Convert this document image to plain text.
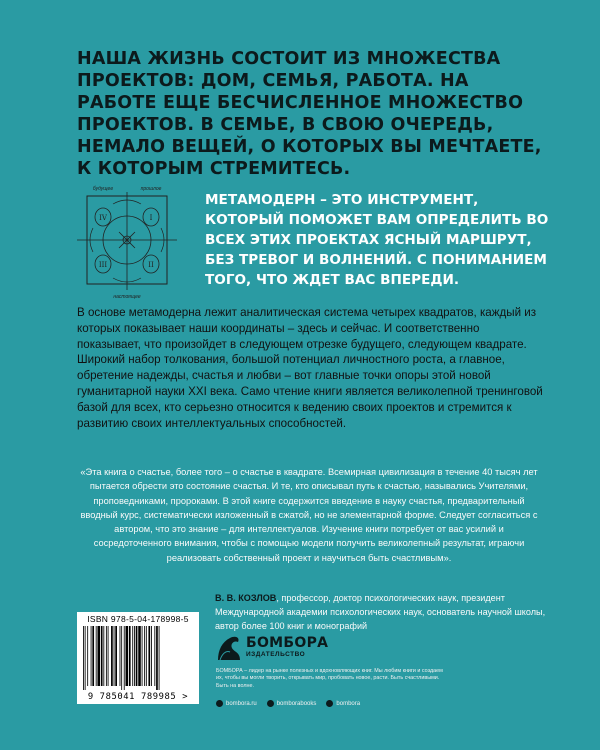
НАША ЖИЗНЬ СОСТОИТ ИЗ МНОЖЕСТВА ПРОЕКТОВ: ДОМ, СЕМЬЯ, РАБОТА. НА РАБОТЕ ЕЩЕ БЕСЧИСЛЕННОЕ МНОЖЕСТВО ПРОЕКТОВ. В СЕМЬЕ, В СВОЮ ОЧЕРЕДЬ, НЕМАЛО ВЕЩЕЙ, О КОТОРЫХ ВЫ МЕЧТАЕТЕ, К КОТОРЫМ СТРЕМИТЕСЬ.
будущее	прошлое
настоящее
IV	I
III	II
МЕТАМОДЕРН – ЭТО ИНСТРУМЕНТ, КОТОРЫЙ ПОМОЖЕТ ВАМ ОПРЕДЕЛИТЬ ВО ВСЕХ ЭТИХ ПРОЕКТАХ ЯСНЫЙ МАРШРУТ, БЕЗ ТРЕВОГ И ВОЛНЕНИЙ. С ПОНИМАНИЕМ ТОГО, ЧТО ЖДЕТ ВАС ВПЕРЕДИ.
В основе метамодерна лежит аналитическая система четырех квадратов, каждый из которых показывает наши координаты – здесь и сейчас. И соответственно показывает, что произойдет в следующем отрезке будущего, следующем квадрате. Широкий набор толкования, большой потенциал личностного роста, а главное, обретение надежды, счастья и любви – вот главные точки опоры этой новой гуманитарной науки XXI века. Само чтение книги является великолепной тренинговой базой для всех, кто серьезно относится к ведению своих проектов и стремится к развитию своих интеллектуальных способностей.
«Эта книга о счастье, более того – о счастье в квадрате. Всемирная цивилизация в течение 40 тысяч лет пытается обрести это состояние счастья. И те, кто описывал путь к счастью, назывались Учителями, проповедниками, пророками. В этой книге содержится введение в науку счастья, предварительный вводный курс, систематически изложенный в сжатой, но не элементарной форме. Следует согласиться с автором, что это знание – для интеллектуалов. Изучение книги потребует от вас усилий и сосредоточенного внимания, чтобы с помощью модели получить великолепный результат, играючи реализовать собственный проект и научиться быть счастливым».
В. В. КОЗЛОВ, профессор, доктор психологических наук, президент Международной академии психологических наук, основатель научной школы, автор более 100 книг и монографий
ISBN 978-5-04-178998-5
9 785041 789985 >
БОМБОРА
ИЗДАТЕЛЬСТВО
БОМБОРА – лидер на рынке полезных и вдохновляющих книг. Мы любим книги и создаем их, чтобы вы могли творить, открывать мир, пробовать новое, расти. Быть счастливыми. Быть на волне.
bombora.ru	bomborabooks	bombora
